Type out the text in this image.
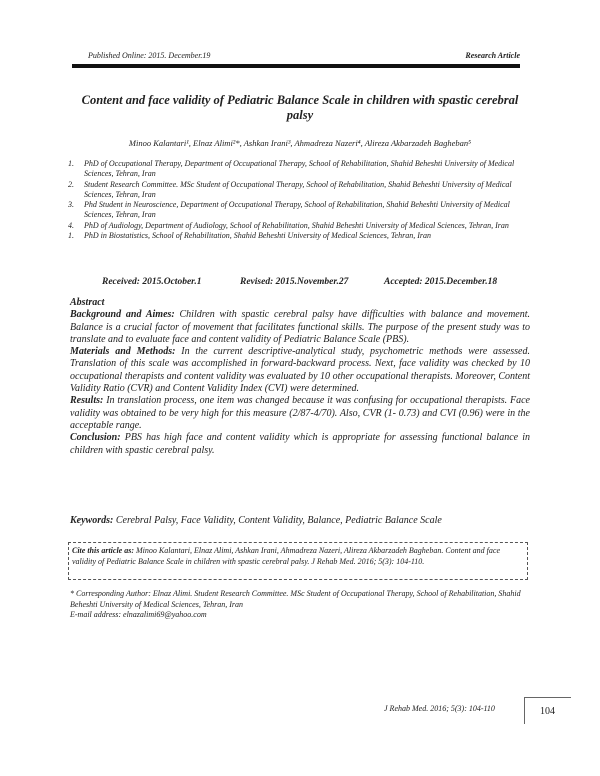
Published Online: 2015. December.19	Research Article
Content and face validity of Pediatric Balance Scale in children with spastic cerebral palsy
Minoo Kalantari¹, Elnaz Alimi²*, Ashkan Irani³, Ahmadreza Nazeri⁴, Alireza Akbarzadeh Bagheban⁵
1. PhD of Occupational Therapy, Department of Occupational Therapy, School of Rehabilitation, Shahid Beheshti University of Medical Sciences, Tehran, Iran
2. Student Research Committee. MSc Student of Occupational Therapy, School of Rehabilitation, Shahid Beheshti University of Medical Sciences, Tehran, Iran
3. Phd Student in Neuroscience, Department of Occupational Therapy, School of Rehabilitation, Shahid Beheshti University of Medical Sciences, Tehran, Iran
4. PhD of Audiology, Department of Audiology, School of Rehabilitation, Shahid Beheshti University of Medical Sciences, Tehran, Iran
1. PhD in Biostatistics, School of Rehabilitation, Shahid Beheshti University of Medical Sciences, Tehran, Iran
Received: 2015.October.1	Revised: 2015.November.27	Accepted: 2015.December.18

Abstract

Background and Aimes: Children with spastic cerebral palsy have difficulties with balance and movement. Balance is a crucial factor of movement that facilitates functional skills. The purpose of the present study was to translate and to evaluate face and content validity of Pediatric Balance Scale (PBS).

Materials and Methods: In the current descriptive-analytical study, psychometric methods were assessed. Translation of this scale was accomplished in forward-backward process. Next, face validity was checked by 10 occupational therapists and content validity was evaluated by 10 other occupational therapists. Moreover, Content Validity Ratio (CVR) and Content Validity Index (CVI) were determined.

Results: In translation process, one item was changed because it was confusing for occupational therapists. Face validity was obtained to be very high for this measure (2/87-4/70). Also, CVR (1- 0.73) and CVI (0.96) were in the acceptable range.

Conclusion: PBS has high face and content validity which is appropriate for assessing functional balance in children with spastic cerebral palsy.

Keywords: Cerebral Palsy, Face Validity, Content Validity, Balance, Pediatric Balance Scale
Cite this article as: Minoo Kalantari, Elnaz Alimi, Ashkan Irani, Ahmadreza Nazeri, Alireza Akbarzadeh Bagheban. Content and face validity of Pediatric Balance Scale in children with spastic cerebral palsy. J Rehab Med. 2016; 5(3): 104-110.
* Corresponding Author: Elnaz Alimi. Student Research Committee. MSc Student of Occupational Therapy, School of Rehabilitation, Shahid Beheshti University of Medical Sciences, Tehran, Iran
E-mail address: elnazalimi69@yahoo.com
J Rehab Med. 2016; 5(3): 104-110	104
